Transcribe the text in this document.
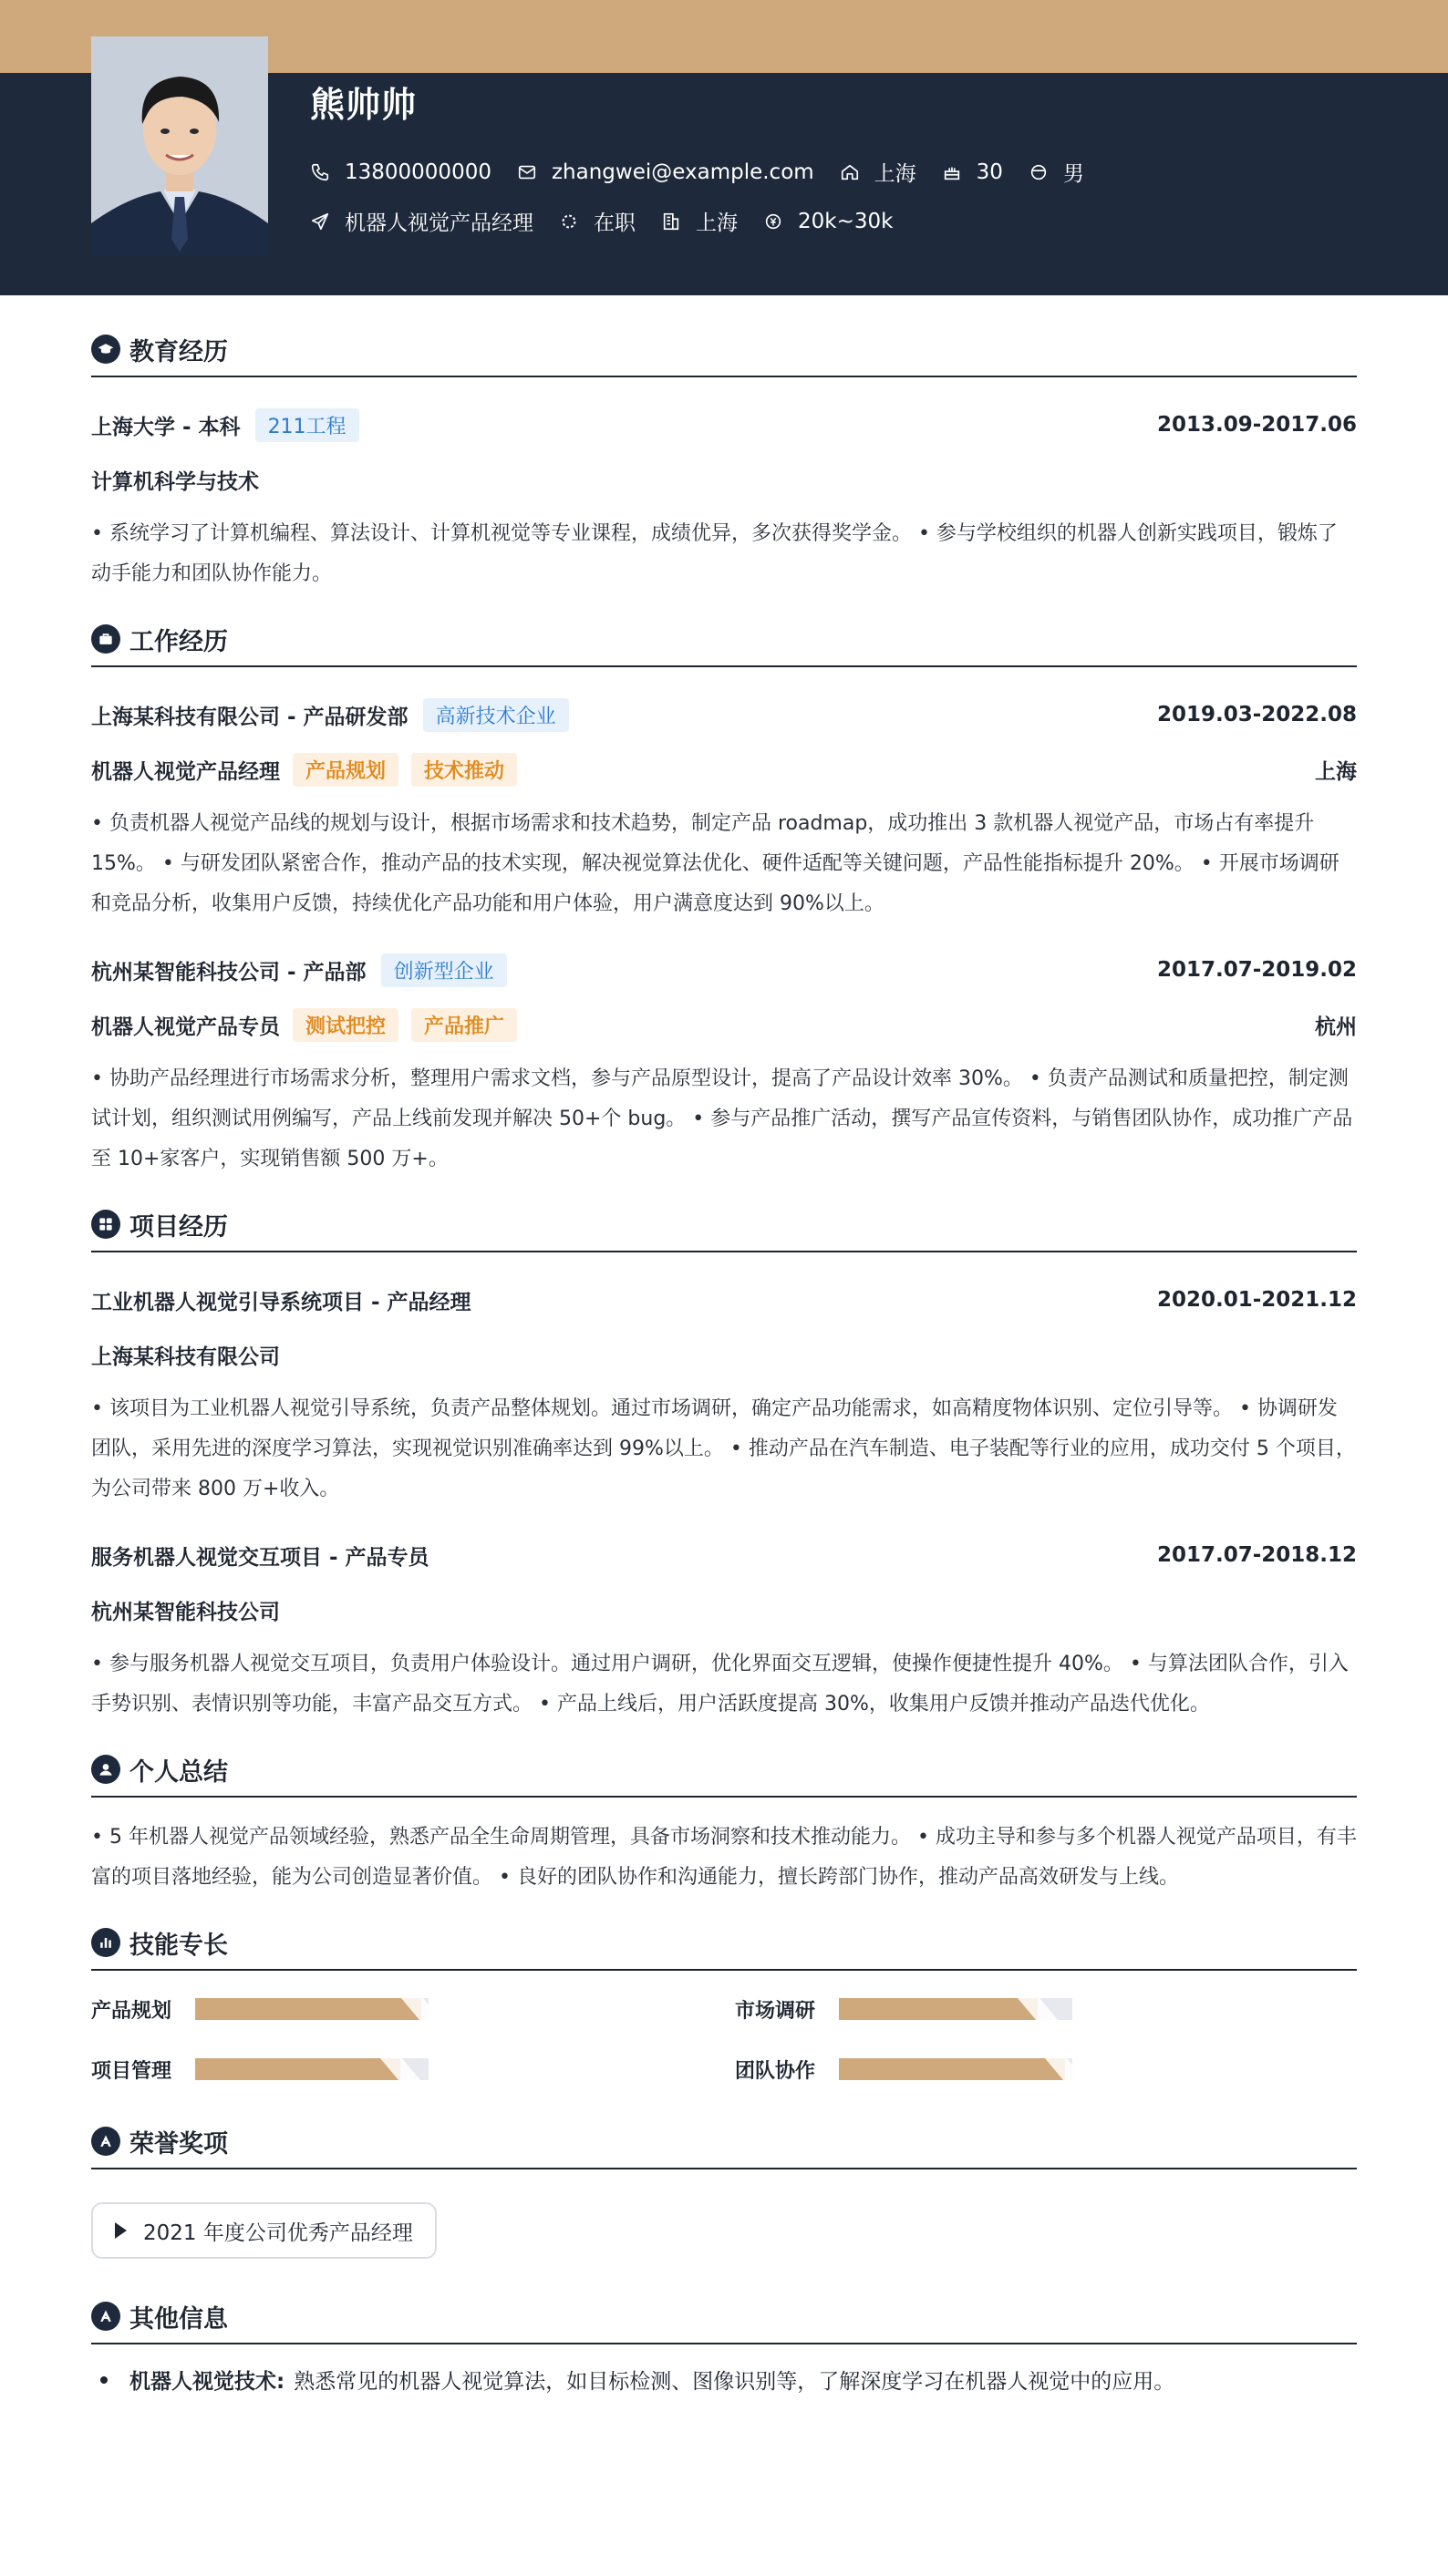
熊帅帅
13800000000	zhangwei@example.com	上海	30	男
机器人视觉产品经理	在职	上海	20k~30k
教育经历
上海大学 - 本科	211工程	2013.09-2017.06
计算机科学与技术
• 系统学习了计算机编程、算法设计、计算机视觉等专业课程，成绩优异，多次获得奖学金。 • 参与学校组织的机器人创新实践项目，锻炼了动手能力和团队协作能力。
工作经历
上海某科技有限公司 - 产品研发部	高新技术企业	2019.03-2022.08
机器人视觉产品经理	产品规划	技术推动	上海
• 负责机器人视觉产品线的规划与设计，根据市场需求和技术趋势，制定产品 roadmap，成功推出 3 款机器人视觉产品，市场占有率提升 15%。 • 与研发团队紧密合作，推动产品的技术实现，解决视觉算法优化、硬件适配等关键问题，产品性能指标提升 20%。 • 开展市场调研和竞品分析，收集用户反馈，持续优化产品功能和用户体验，用户满意度达到 90%以上。
杭州某智能科技公司 - 产品部	创新型企业	2017.07-2019.02
机器人视觉产品专员	测试把控	产品推广	杭州
• 协助产品经理进行市场需求分析，整理用户需求文档，参与产品原型设计，提高了产品设计效率 30%。 • 负责产品测试和质量把控，制定测试计划，组织测试用例编写，产品上线前发现并解决 50+个 bug。 • 参与产品推广活动，撰写产品宣传资料，与销售团队协作，成功推广产品至 10+家客户，实现销售额 500 万+。
项目经历
工业机器人视觉引导系统项目 - 产品经理	2020.01-2021.12
上海某科技有限公司
• 该项目为工业机器人视觉引导系统，负责产品整体规划。通过市场调研，确定产品功能需求，如高精度物体识别、定位引导等。 • 协调研发团队，采用先进的深度学习算法，实现视觉识别准确率达到 99%以上。 • 推动产品在汽车制造、电子装配等行业的应用，成功交付 5 个项目，为公司带来 800 万+收入。
服务机器人视觉交互项目 - 产品专员	2017.07-2018.12
杭州某智能科技公司
• 参与服务机器人视觉交互项目，负责用户体验设计。通过用户调研，优化界面交互逻辑，使操作便捷性提升 40%。 • 与算法团队合作，引入手势识别、表情识别等功能，丰富产品交互方式。 • 产品上线后，用户活跃度提高 30%，收集用户反馈并推动产品迭代优化。
个人总结
• 5 年机器人视觉产品领域经验，熟悉产品全生命周期管理，具备市场洞察和技术推动能力。 • 成功主导和参与多个机器人视觉产品项目，有丰富的项目落地经验，能为公司创造显著价值。 • 良好的团队协作和沟通能力，擅长跨部门协作，推动产品高效研发与上线。
技能专长
产品规划	市场调研
项目管理	团队协作
荣誉奖项
2021 年度公司优秀产品经理
其他信息
机器人视觉技术: 熟悉常见的机器人视觉算法，如目标检测、图像识别等，了解深度学习在机器人视觉中的应用。
